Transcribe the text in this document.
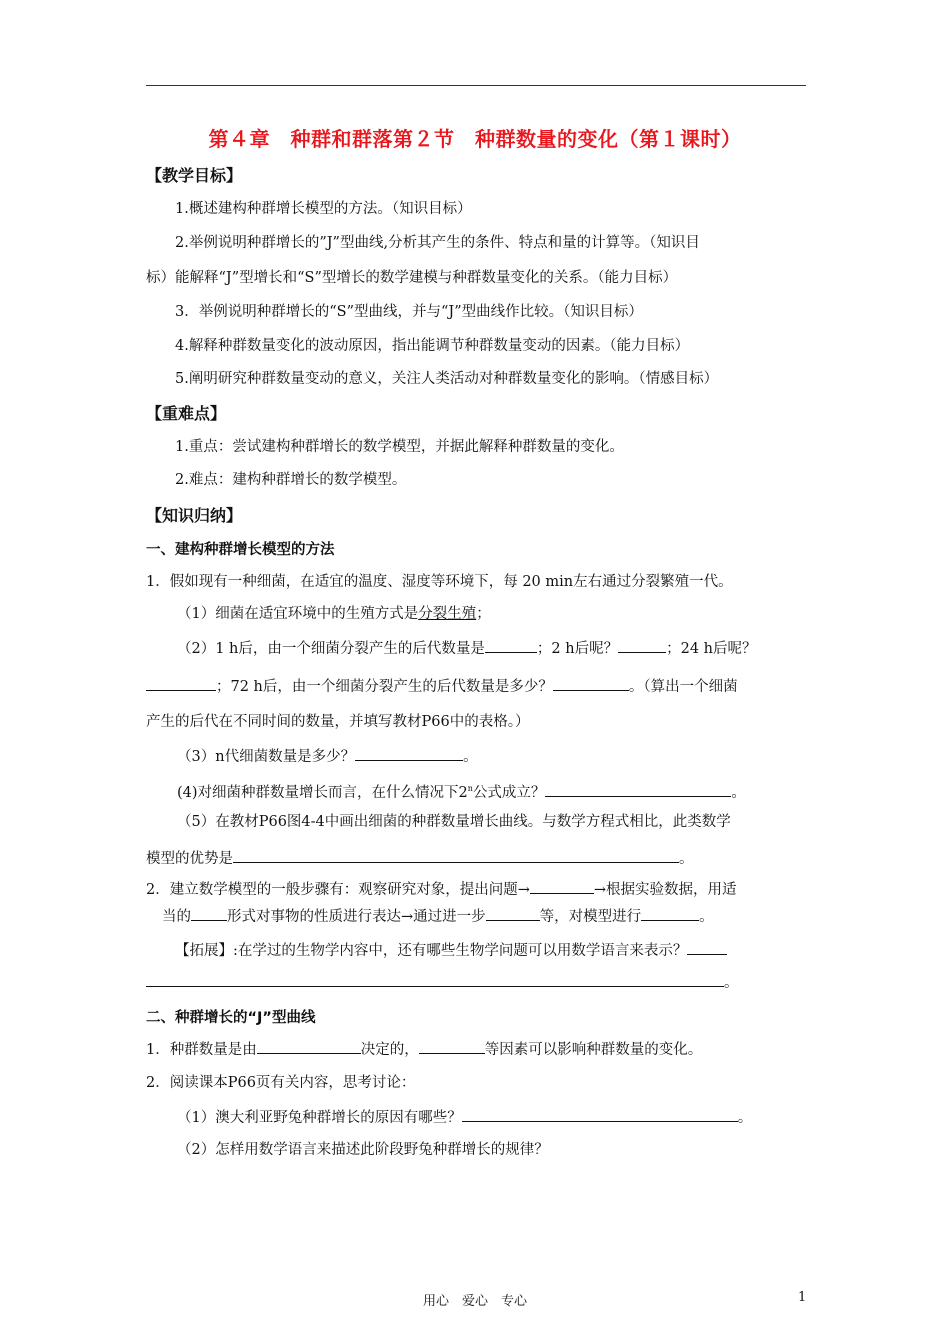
第４章　种群和群落第２节　种群数量的变化（第１课时）
【教学目标】
1.概述建构种群增长模型的方法。（知识目标）
2.举例说明种群增长的”J”型曲线,分析其产生的条件、特点和量的计算等。（知识目
标）能解释“J”型增长和“S”型增长的数学建模与种群数量变化的关系。（能力目标）
3．举例说明种群增长的“S”型曲线，并与“J”型曲线作比较。（知识目标）
4.解释种群数量变化的波动原因，指出能调节种群数量变动的因素。（能力目标）
5.阐明研究种群数量变动的意义，关注人类活动对种群数量变化的影响。（情感目标）
【重难点】
1.重点：尝试建构种群增长的数学模型，并据此解释种群数量的变化。
2.难点：建构种群增长的数学模型。
【知识归纳】
一、建构种群增长模型的方法
1．假如现有一种细菌，在适宜的温度、湿度等环境下，每 20 min左右通过分裂繁殖一代。
（1）细菌在适宜环境中的生殖方式是分裂生殖；
（2）1 h后，由一个细菌分裂产生的后代数量是	；2 h后呢？	；24 h后呢？
；72 h后，由一个细菌分裂产生的后代数量是多少？	。（算出一个细菌
产生的后代在不同时间的数量，并填写教材P66中的表格。）
（3）n代细菌数量是多少？	。
(4)对细菌种群数量增长而言，在什么情况下2$^n$公式成立？	。
（5）在教材P66图4-4中画出细菌的种群数量增长曲线。与数学方程式相比，此类数学
模型的优势是	。
2．建立数学模型的一般步骤有：观察研究对象，提出问题→	→根据实验数据，用适
当的 形式对事物的性质进行表达→通过进一步	等，对模型进行	。
【拓展】:在学过的生物学内容中，还有哪些生物学问题可以用数学语言来表示？
。
二、种群增长的“J”型曲线
1．种群数量是由	决定的，	等因素可以影响种群数量的变化。
2．阅读课本P66页有关内容，思考讨论：
（1）澳大利亚野兔种群增长的原因有哪些？	。
（2）怎样用数学语言来描述此阶段野兔种群增长的规律？
用心　爱心　专心	1
